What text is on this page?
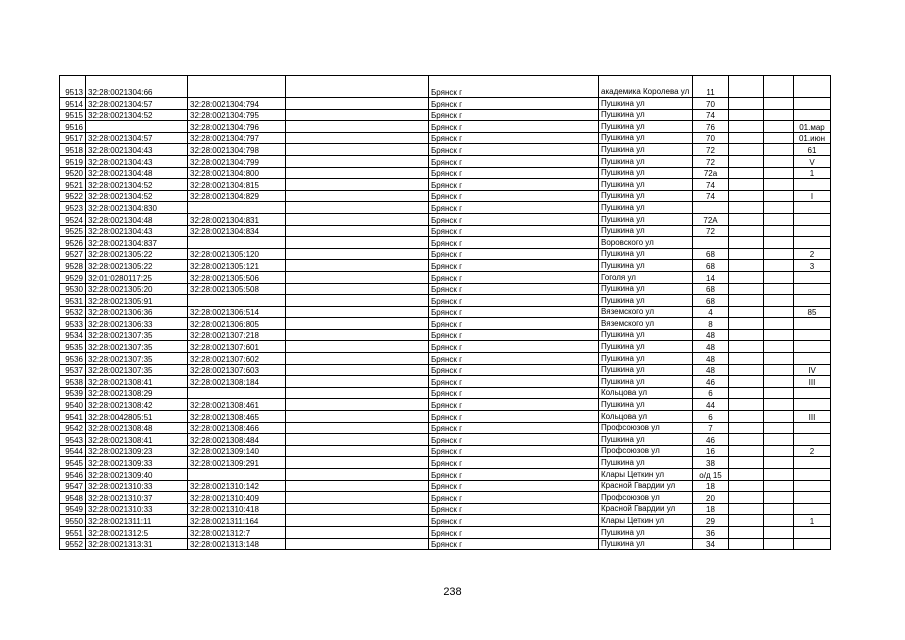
9513	32:28:0021304:66			Брянск г	академика Королева ул	11			
9514	32:28:0021304:57	32:28:0021304:794		Брянск г	Пушкина ул	70			
9515	32:28:0021304:52	32:28:0021304:795		Брянск г	Пушкина ул	74			
9516		32:28:0021304:796		Брянск г	Пушкина ул	76			01.мар
9517	32:28:0021304:57	32:28:0021304:797		Брянск г	Пушкина ул	70			01.июн
9518	32:28:0021304:43	32:28:0021304:798		Брянск г	Пушкина ул	72			61
9519	32:28:0021304:43	32:28:0021304:799		Брянск г	Пушкина ул	72			V
9520	32:28:0021304:48	32:28:0021304:800		Брянск г	Пушкина ул	72а			1
9521	32:28:0021304:52	32:28:0021304:815		Брянск г	Пушкина ул	74			
9522	32:28:0021304:52	32:28:0021304:829		Брянск г	Пушкина ул	74			I
9523	32:28:0021304:830			Брянск г	Пушкина ул				
9524	32:28:0021304:48	32:28:0021304:831		Брянск г	Пушкина ул	72А			
9525	32:28:0021304:43	32:28:0021304:834		Брянск г	Пушкина ул	72			
9526	32:28:0021304:837			Брянск г	Воровского ул				
9527	32:28:0021305:22	32:28:0021305:120		Брянск г	Пушкина ул	68			2
9528	32:28:0021305:22	32:28:0021305:121		Брянск г	Пушкина ул	68			3
9529	32:01:0280117:25	32:28:0021305:506		Брянск г	Гоголя ул	14			
9530	32:28:0021305:20	32:28:0021305:508		Брянск г	Пушкина ул	68			
9531	32:28:0021305:91			Брянск г	Пушкина ул	68			
9532	32:28:0021306:36	32:28:0021306:514		Брянск г	Вяземского ул	4			85
9533	32:28:0021306:33	32:28:0021306:805		Брянск г	Вяземского ул	8			
9534	32:28:0021307:35	32:28:0021307:218		Брянск г	Пушкина ул	48			
9535	32:28:0021307:35	32:28:0021307:601		Брянск г	Пушкина ул	48			
9536	32:28:0021307:35	32:28:0021307:602		Брянск г	Пушкина ул	48			
9537	32:28:0021307:35	32:28:0021307:603		Брянск г	Пушкина ул	48			IV
9538	32:28:0021308:41	32:28:0021308:184		Брянск г	Пушкина ул	46			III
9539	32:28:0021308:29			Брянск г	Кольцова ул	6			
9540	32:28:0021308:42	32:28:0021308:461		Брянск г	Пушкина ул	44			
9541	32:28:0042805:51	32:28:0021308:465		Брянск г	Кольцова ул	6			III
9542	32:28:0021308:48	32:28:0021308:466		Брянск г	Профсоюзов ул	7			
9543	32:28:0021308:41	32:28:0021308:484		Брянск г	Пушкина ул	46			
9544	32:28:0021309:23	32:28:0021309:140		Брянск г	Профсоюзов ул	16			2
9545	32:28:0021309:33	32:28:0021309:291		Брянск г	Пушкина ул	38			
9546	32:28:0021309:40			Брянск г	Клары Цеткин ул	о/д 15			
9547	32:28:0021310:33	32:28:0021310:142		Брянск г	Красной Гвардии ул	18			
9548	32:28:0021310:37	32:28:0021310:409		Брянск г	Профсоюзов ул	20			
9549	32:28:0021310:33	32:28:0021310:418		Брянск г	Красной Гвардии ул	18			
9550	32:28:0021311:11	32:28:0021311:164		Брянск г	Клары Цеткин ул	29			1
9551	32:28:0021312:5	32:28:0021312:7		Брянск г	Пушкина ул	36			
9552	32:28:0021313:31	32:28:0021313:148		Брянск г	Пушкина ул	34			
238
